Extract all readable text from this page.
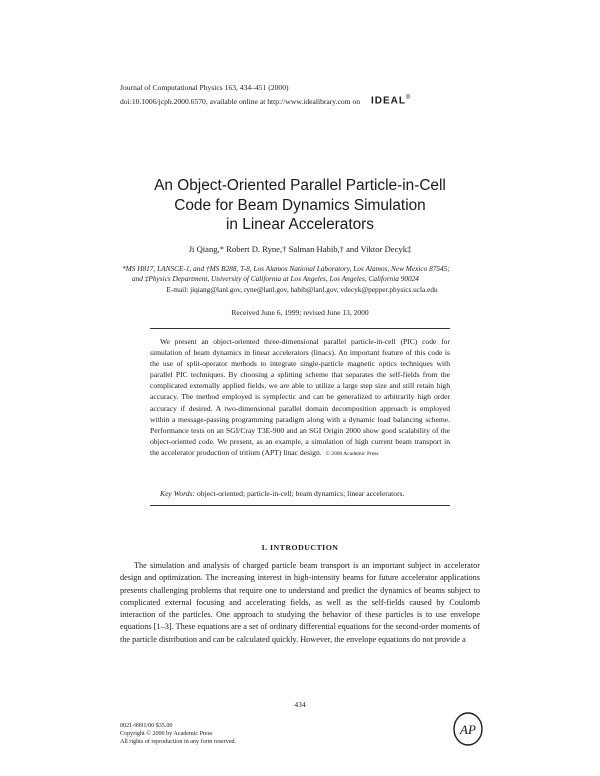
Journal of Computational Physics 163, 434–451 (2000)
doi:10.1006/jcph.2000.6570, available online at http://www.idealibrary.com on IDEAL®
An Object-Oriented Parallel Particle-in-Cell
Code for Beam Dynamics Simulation
in Linear Accelerators
Ji Qiang,* Robert D. Ryne,† Salman Habib,† and Viktor Decyk‡
*MS H817, LANSCE-1, and †MS B288, T-8, Los Alamos National Laboratory, Los Alamos, New Mexico 87545;
and ‡Physics Department, University of California at Los Angeles, Los Angeles, California 90024
E-mail: jiqiang@lanl.gov, ryne@lanl.gov, habib@lanl.gov, vdecyk@pepper.physics.ucla.edu
Received June 6, 1999; revised June 13, 2000
We present an object-oriented three-dimensional parallel particle-in-cell (PIC) code for simulation of beam dynamics in linear accelerators (linacs). An important feature of this code is the use of split-operator methods to integrate single-particle magnetic optics techniques with parallel PIC techniques. By choosing a splitting scheme that separates the self-fields from the complicated externally applied fields, we are able to utilize a large step size and still retain high accuracy. The method employed is symplectic and can be generalized to arbitrarily high order accuracy if desired. A two-dimensional parallel domain decomposition approach is employed within a message-passing programming paradigm along with a dynamic load balancing scheme. Performance tests on an SGI/Cray T3E-900 and an SGI Origin 2000 show good scalability of the object-oriented code. We present, as an example, a simulation of high current beam transport in the accelerator production of tritium (APT) linac design. © 2000 Academic Press
Key Words: object-oriented; particle-in-cell; beam dynamics; linear accelerators.
I. INTRODUCTION
The simulation and analysis of charged particle beam transport is an important subject in accelerator design and optimization. The increasing interest in high-intensity beams for future accelerator applications presents challenging problems that require one to understand and predict the dynamics of beams subject to complicated external focusing and accelerating fields, as well as the self-fields caused by Coulomb interaction of the particles. One approach to studying the behavior of these particles is to use envelope equations [1–3]. These equations are a set of ordinary differential equations for the second-order moments of the particle distribution and can be calculated quickly. However, the envelope equations do not provide a
434
0021-9991/00 $35.00
Copyright © 2000 by Academic Press
All rights of reproduction in any form reserved.
AP
